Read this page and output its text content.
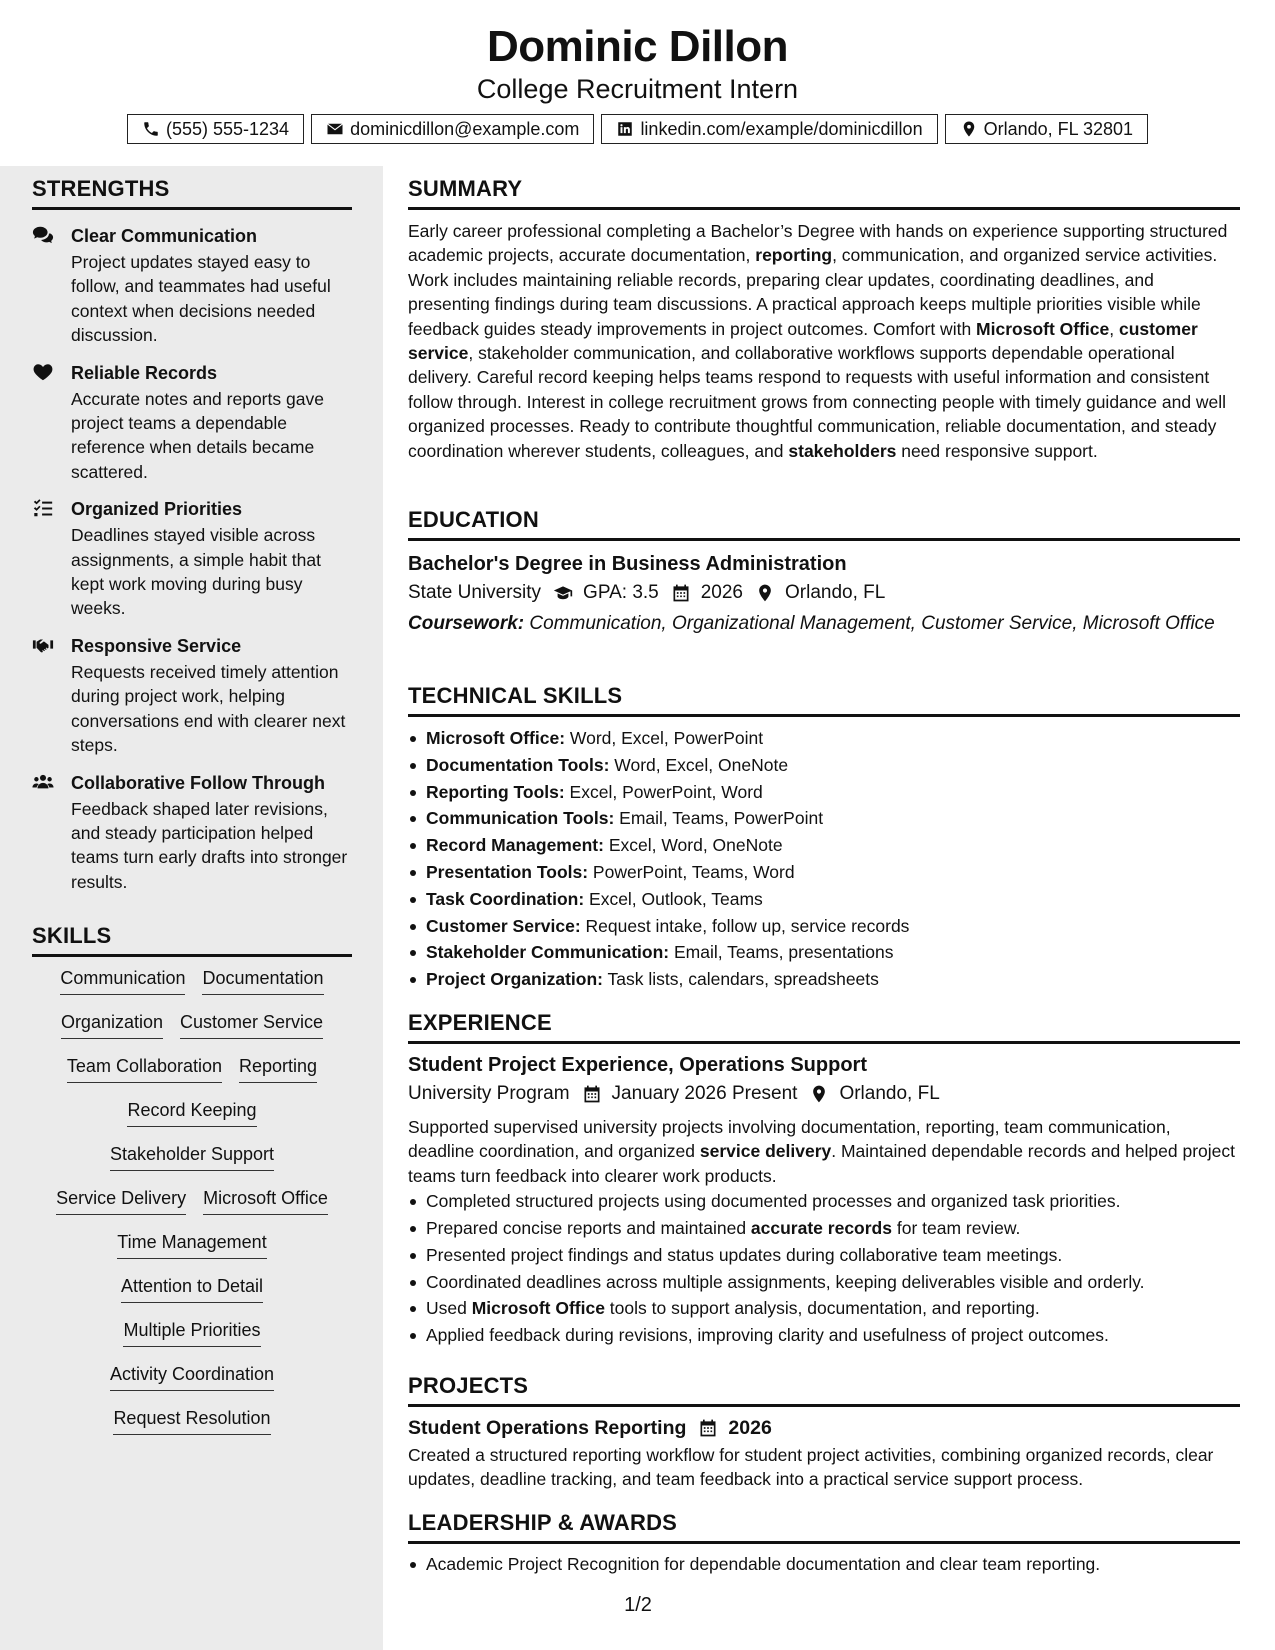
Dominic Dillon
College Recruitment Intern
(555) 555-1234	dominicdillon@example.com	linkedin.com/example/dominicdillon	Orlando, FL 32801
STRENGTHS
Clear Communication
Project updates stayed easy to follow, and teammates had useful context when decisions needed discussion.
Reliable Records
Accurate notes and reports gave project teams a dependable reference when details became scattered.
Organized Priorities
Deadlines stayed visible across assignments, a simple habit that kept work moving during busy weeks.
Responsive Service
Requests received timely attention during project work, helping conversations end with clearer next steps.
Collaborative Follow Through
Feedback shaped later revisions, and steady participation helped teams turn early drafts into stronger results.
SKILLS
Communication Documentation
Organization Customer Service
Team Collaboration Reporting
Record Keeping
Stakeholder Support
Service Delivery Microsoft Office
Time Management
Attention to Detail
Multiple Priorities
Activity Coordination
Request Resolution
SUMMARY

Early career professional completing a Bachelor’s Degree with hands on experience supporting structured academic projects, accurate documentation, reporting, communication, and organized service activities. Work includes maintaining reliable records, preparing clear updates, coordinating deadlines, and presenting findings during team discussions. A practical approach keeps multiple priorities visible while feedback guides steady improvements in project outcomes. Comfort with Microsoft Office, customer service, stakeholder communication, and collaborative workflows supports dependable operational delivery. Careful record keeping helps teams respond to requests with useful information and consistent follow through. Interest in college recruitment grows from connecting people with timely guidance and well organized processes. Ready to contribute thoughtful communication, reliable documentation, and steady coordination wherever students, colleagues, and stakeholders need responsive support.

EDUCATION
Bachelor's Degree in Business Administration
State University GPA: 3.5 2026 Orlando, FL
Coursework: Communication, Organizational Management, Customer Service, Microsoft Office
TECHNICAL SKILLS
Microsoft Office: Word, Excel, PowerPoint
Documentation Tools: Word, Excel, OneNote
Reporting Tools: Excel, PowerPoint, Word
Communication Tools: Email, Teams, PowerPoint
Record Management: Excel, Word, OneNote
Presentation Tools: PowerPoint, Teams, Word
Task Coordination: Excel, Outlook, Teams
Customer Service: Request intake, follow up, service records
Stakeholder Communication: Email, Teams, presentations
Project Organization: Task lists, calendars, spreadsheets
EXPERIENCE
Student Project Experience, Operations Support
University Program January 2026 Present Orlando, FL

Supported supervised university projects involving documentation, reporting, team communication, deadline coordination, and organized service delivery. Maintained dependable records and helped project teams turn feedback into clearer work products.

Completed structured projects using documented processes and organized task priorities.
Prepared concise reports and maintained accurate records for team review.
Presented project findings and status updates during collaborative team meetings.
Coordinated deadlines across multiple assignments, keeping deliverables visible and orderly.
Used Microsoft Office tools to support analysis, documentation, and reporting.
Applied feedback during revisions, improving clarity and usefulness of project outcomes.
PROJECTS
Student Operations Reporting 2026

Created a structured reporting workflow for student project activities, combining organized records, clear updates, deadline tracking, and team feedback into a practical service support process.

LEADERSHIP & AWARDS
Academic Project Recognition for dependable documentation and clear team reporting.
1/2
